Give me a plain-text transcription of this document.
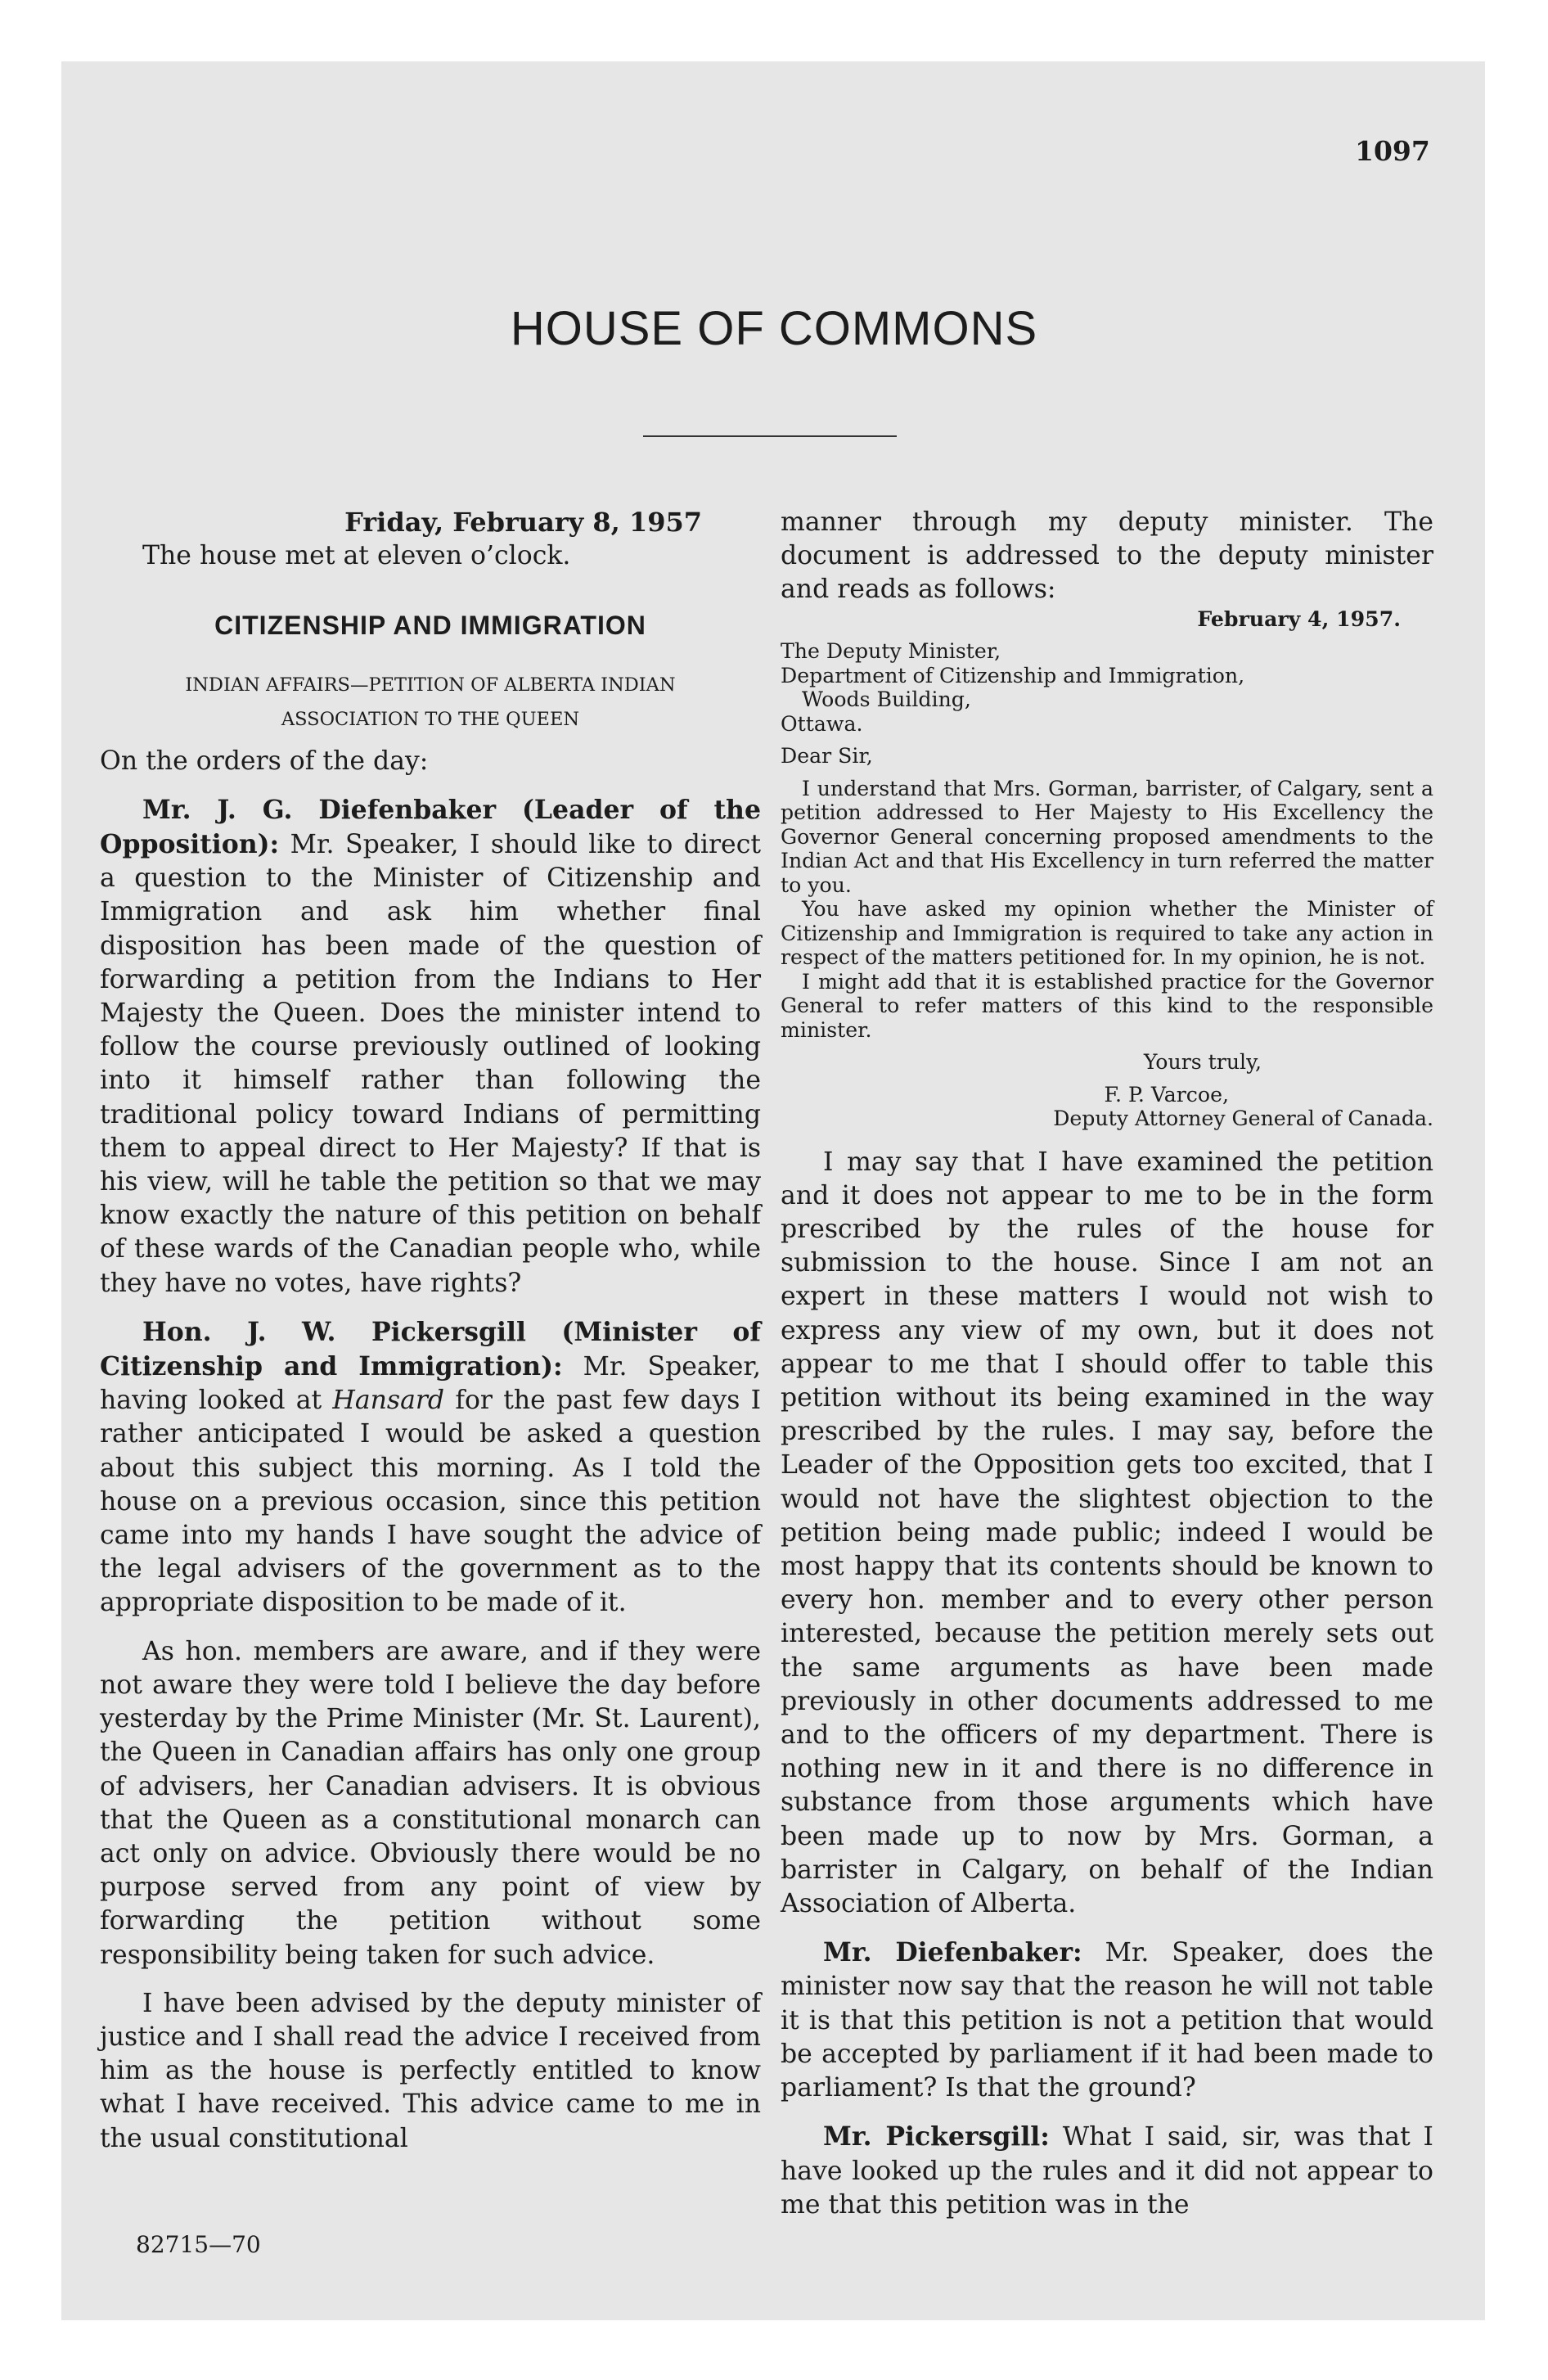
1097
HOUSE OF COMMONS

Friday, February 8, 1957

The house met at eleven o’clock.

CITIZENSHIP AND IMMIGRATION

INDIAN AFFAIRS—PETITION OF ALBERTA INDIAN

ASSOCIATION TO THE QUEEN

On the orders of the day:

Mr. J. G. Diefenbaker (Leader of the Opposition): Mr. Speaker, I should like to direct a question to the Minister of Citizenship and Immigration and ask him whether final disposition has been made of the question of forwarding a petition from the Indians to Her Majesty the Queen. Does the minister intend to follow the course previously outlined of looking into it himself rather than following the traditional policy toward Indians of permitting them to appeal direct to Her Majesty? If that is his view, will he table the petition so that we may know exactly the nature of this petition on behalf of these wards of the Canadian people who, while they have no votes, have rights?

Hon. J. W. Pickersgill (Minister of Citizenship and Immigration): Mr. Speaker, having looked at Hansard for the past few days I rather anticipated I would be asked a question about this subject this morning. As I told the house on a previous occasion, since this petition came into my hands I have sought the advice of the legal advisers of the government as to the appropriate disposition to be made of it.

As hon. members are aware, and if they were not aware they were told I believe the day before yesterday by the Prime Minister (Mr. St. Laurent), the Queen in Canadian affairs has only one group of advisers, her Canadian advisers. It is obvious that the Queen as a constitutional monarch can act only on advice. Obviously there would be no purpose served from any point of view by forwarding the petition without some responsibility being taken for such advice.

I have been advised by the deputy minister of justice and I shall read the advice I received from him as the house is perfectly entitled to know what I have received. This advice came to me in the usual constitutional

82715—70

manner through my deputy minister. The document is addressed to the deputy minister and reads as follows:

February 4, 1957.

The Deputy Minister,

Department of Citizenship and Immigration,

Woods Building,

Ottawa.

Dear Sir,

I understand that Mrs. Gorman, barrister, of Calgary, sent a petition addressed to Her Majesty to His Excellency the Governor General concerning proposed amendments to the Indian Act and that His Excellency in turn referred the matter to you.

You have asked my opinion whether the Minister of Citizenship and Immigration is required to take any action in respect of the matters petitioned for. In my opinion, he is not.

I might add that it is established practice for the Governor General to refer matters of this kind to the responsible minister.

Yours truly,

F. P. Varcoe,

Deputy Attorney General of Canada.

I may say that I have examined the petition and it does not appear to me to be in the form prescribed by the rules of the house for submission to the house. Since I am not an expert in these matters I would not wish to express any view of my own, but it does not appear to me that I should offer to table this petition without its being examined in the way prescribed by the rules. I may say, before the Leader of the Opposition gets too excited, that I would not have the slightest objection to the petition being made public; indeed I would be most happy that its contents should be known to every hon. member and to every other person interested, because the petition merely sets out the same arguments as have been made previously in other documents addressed to me and to the officers of my department. There is nothing new in it and there is no difference in substance from those arguments which have been made up to now by Mrs. Gorman, a barrister in Calgary, on behalf of the Indian Association of Alberta.

Mr. Diefenbaker: Mr. Speaker, does the minister now say that the reason he will not table it is that this petition is not a petition that would be accepted by parliament if it had been made to parliament? Is that the ground?

Mr. Pickersgill: What I said, sir, was that I have looked up the rules and it did not appear to me that this petition was in the
